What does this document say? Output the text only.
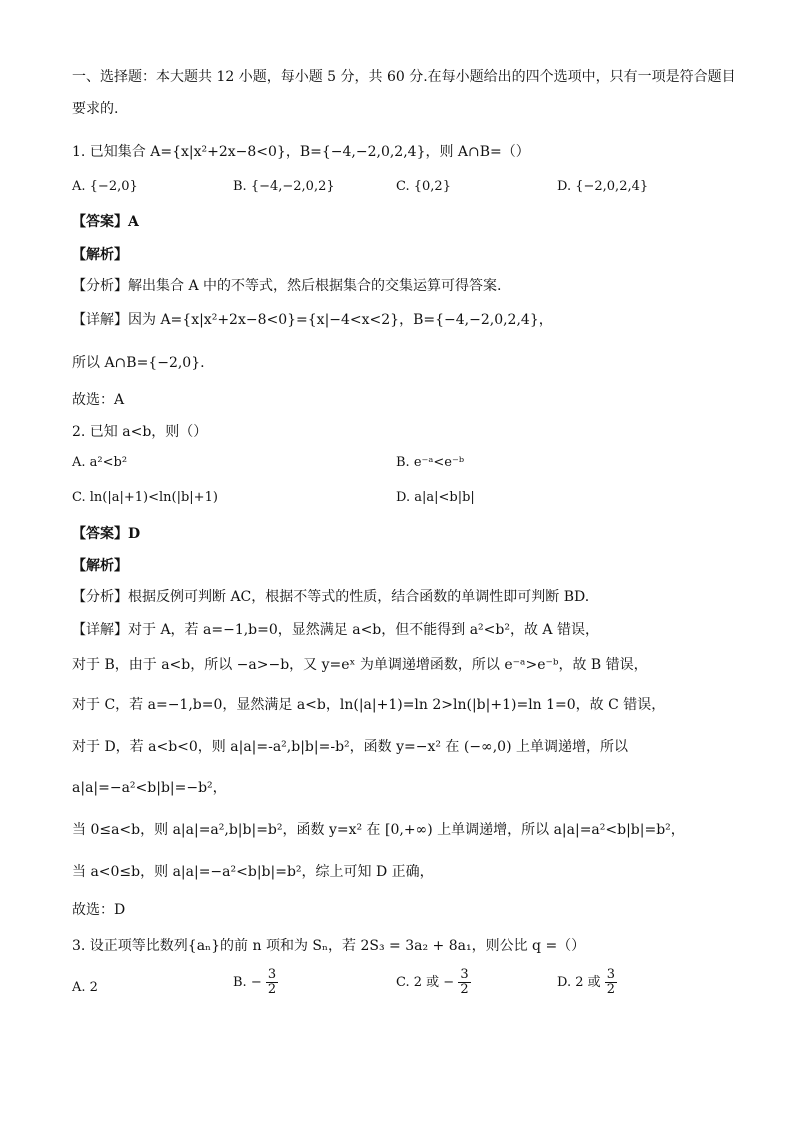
一、选择题：本大题共 12 小题，每小题 5 分，共 60 分.在每小题给出的四个选项中，只有一项是符合题目
要求的.
1. 已知集合 A={x|x²+2x−8<0}，B={−4,−2,0,2,4}，则 A∩B=（）
A. {−2,0}	B. {−4,−2,0,2}	C. {0,2}	D. {−2,0,2,4}
【答案】A
【解析】
【分析】解出集合 A 中的不等式，然后根据集合的交集运算可得答案.
【详解】因为 A={x|x²+2x−8<0}={x|−4<x<2}，B={−4,−2,0,2,4}，
所以 A∩B={−2,0}.
故选：A
2. 已知 a<b，则（）
A. a²<b²	B. e⁻ᵃ<e⁻ᵇ
C. ln(|a|+1)<ln(|b|+1)	D. a|a|<b|b|
【答案】D
【解析】
【分析】根据反例可判断 AC，根据不等式的性质，结合函数的单调性即可判断 BD.
【详解】对于 A，若 a=−1,b=0，显然满足 a<b，但不能得到 a²<b²，故 A 错误，
对于 B，由于 a<b，所以 −a>−b，又 y=eˣ 为单调递增函数，所以 e⁻ᵃ>e⁻ᵇ，故 B 错误，
对于 C，若 a=−1,b=0，显然满足 a<b，ln(|a|+1)=ln 2>ln(|b|+1)=ln 1=0，故 C 错误，
对于 D，若 a<b<0，则 a|a|=-a²,b|b|=-b²，函数 y=−x² 在 (−∞,0) 上单调递增，所以
a|a|=−a²<b|b|=−b²，
当 0≤a<b，则 a|a|=a²,b|b|=b²，函数 y=x² 在 [0,+∞) 上单调递增，所以 a|a|=a²<b|b|=b²，
当 a<0≤b，则 a|a|=−a²<b|b|=b²，综上可知 D 正确，
故选：D
3. 设正项等比数列{aₙ}的前 n 项和为 Sₙ，若 2S₃ = 3a₂ + 8a₁，则公比 q =（）
A. 2	B. − $\frac{3}{2}$	C. 2 或 − $\frac{3}{2}$	D. 2 或 $\frac{3}{2}$
